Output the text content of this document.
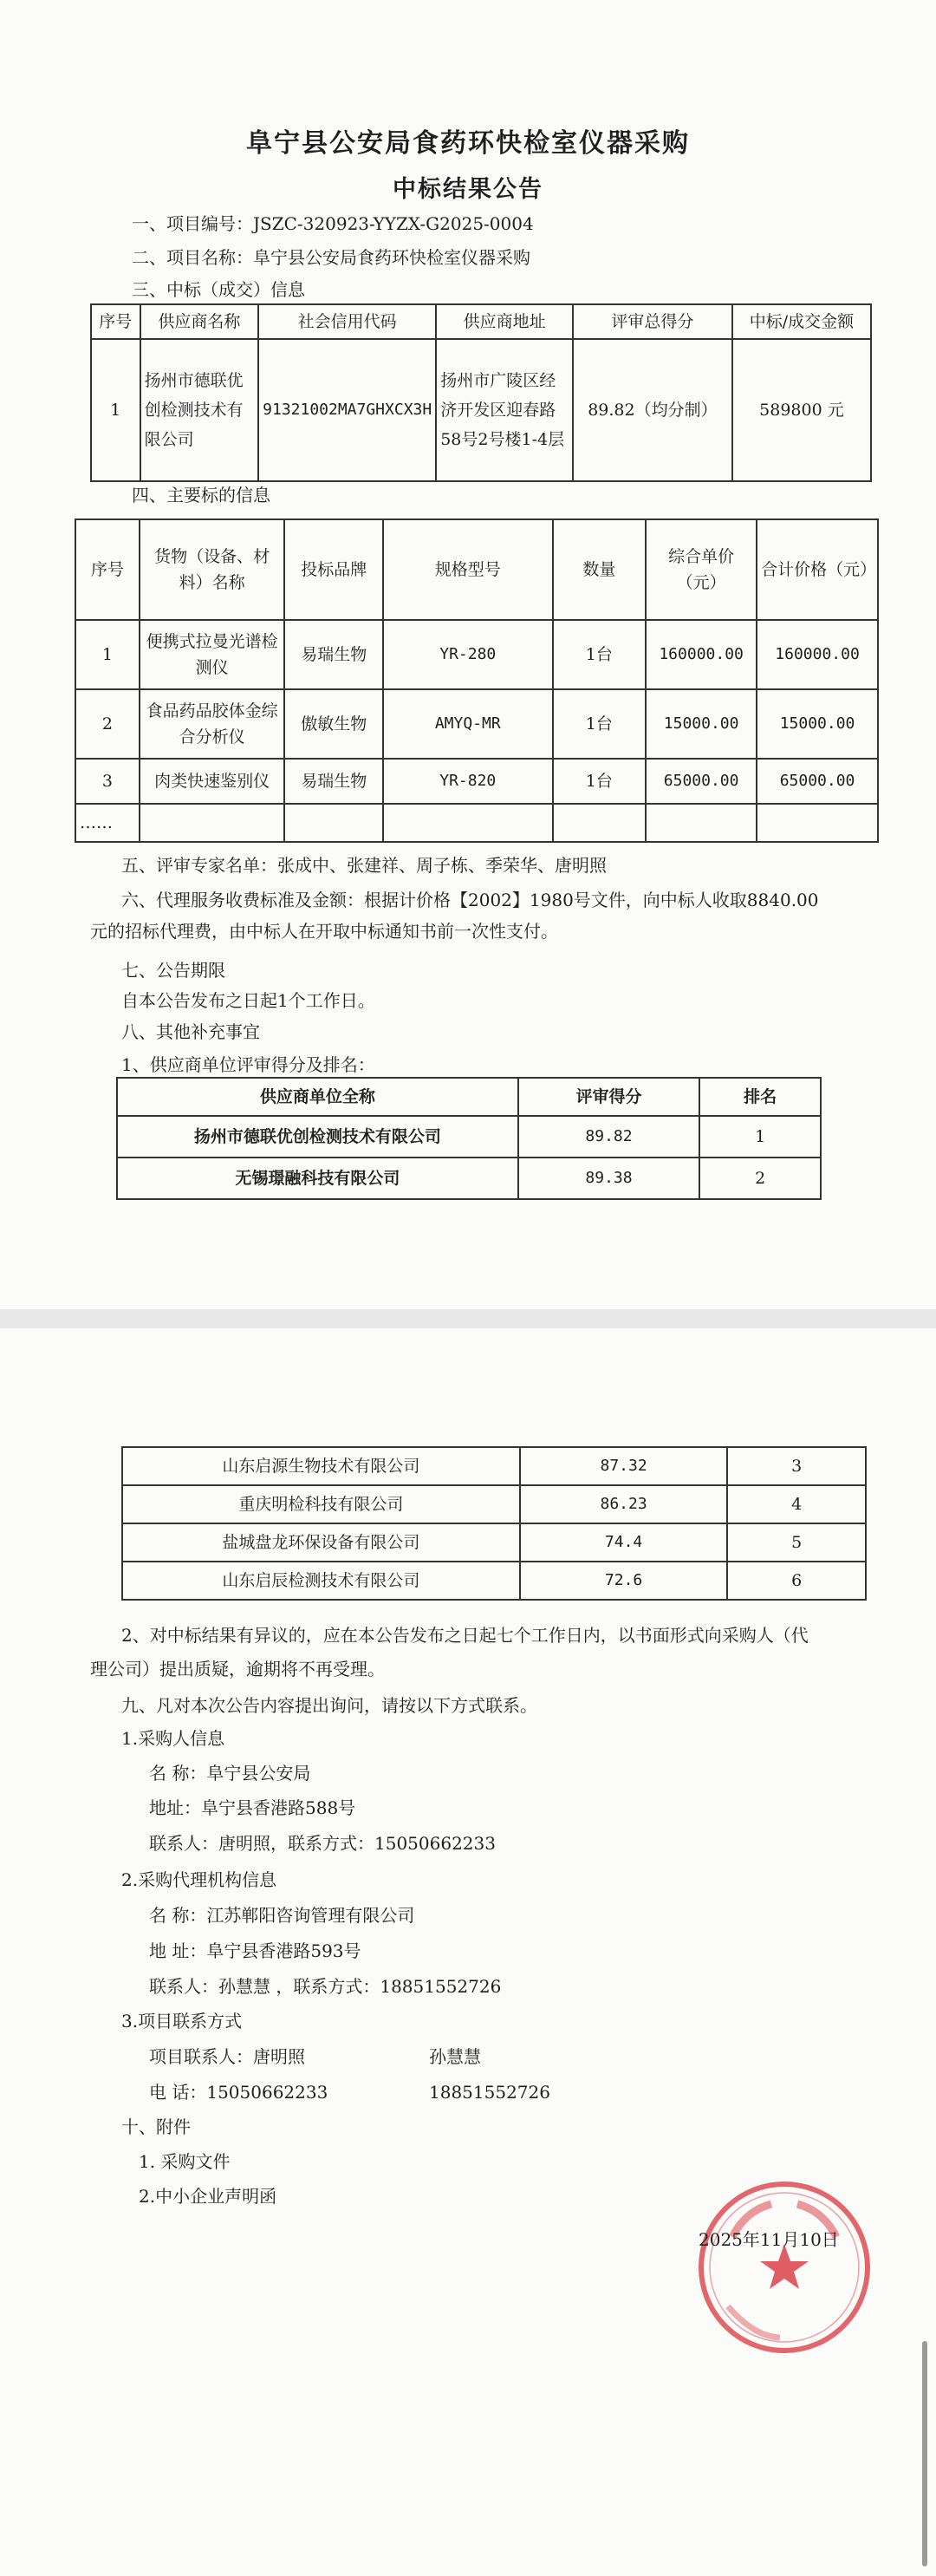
阜宁县公安局食药环快检室仪器采购
中标结果公告
一、项目编号：JSZC-320923-YYZX-G2025-0004
二、项目名称：阜宁县公安局食药环快检室仪器采购
三、中标（成交）信息
序号	供应商名称	社会信用代码	供应商地址	评审总得分	中标/成交金额
1	扬州市德联优创检测技术有限公司	91321002MA7GHXCX3H	扬州市广陵区经济开发区迎春路58号2号楼1-4层	89.82（均分制）	589800 元
四、主要标的信息
序号	货物（设备、材料）名称	投标品牌	规格型号	数量	综合单价（元）	合计价格（元）
1	便携式拉曼光谱检测仪	易瑞生物	YR-280	1台	160000.00	160000.00
2	食品药品胶体金综合分析仪	傲敏生物	AMYQ-MR	1台	15000.00	15000.00
3	肉类快速鉴别仪	易瑞生物	YR-820	1台	65000.00	65000.00
……						
五、评审专家名单：张成中、张建祥、周子栋、季荣华、唐明照
六、代理服务收费标准及金额：根据计价格【2002】1980号文件，向中标人收取8840.00
元的招标代理费，由中标人在开取中标通知书前一次性支付。
七、公告期限
自本公告发布之日起1个工作日。
八、其他补充事宜
1、供应商单位评审得分及排名：
供应商单位全称	评审得分	排名
扬州市德联优创检测技术有限公司	89.82	1
无锡璟融科技有限公司	89.38	2
山东启源生物技术有限公司	87.32	3
重庆明检科技有限公司	86.23	4
盐城盘龙环保设备有限公司	74.4	5
山东启辰检测技术有限公司	72.6	6
2、对中标结果有异议的，应在本公告发布之日起七个工作日内，以书面形式向采购人（代
理公司）提出质疑，逾期将不再受理。
九、凡对本次公告内容提出询问，请按以下方式联系。
1.采购人信息
名 称：阜宁县公安局
地址：阜宁县香港路588号
联系人：唐明照，联系方式：15050662233
2.采购代理机构信息
名 称：江苏郸阳咨询管理有限公司
地 址：阜宁县香港路593号
联系人：孙慧慧 ，联系方式：18851552726
3.项目联系方式
项目联系人：唐明照	孙慧慧
电 话：15050662233	18851552726
十、附件
1. 采购文件
2.中小企业声明函
2025年11月10日
